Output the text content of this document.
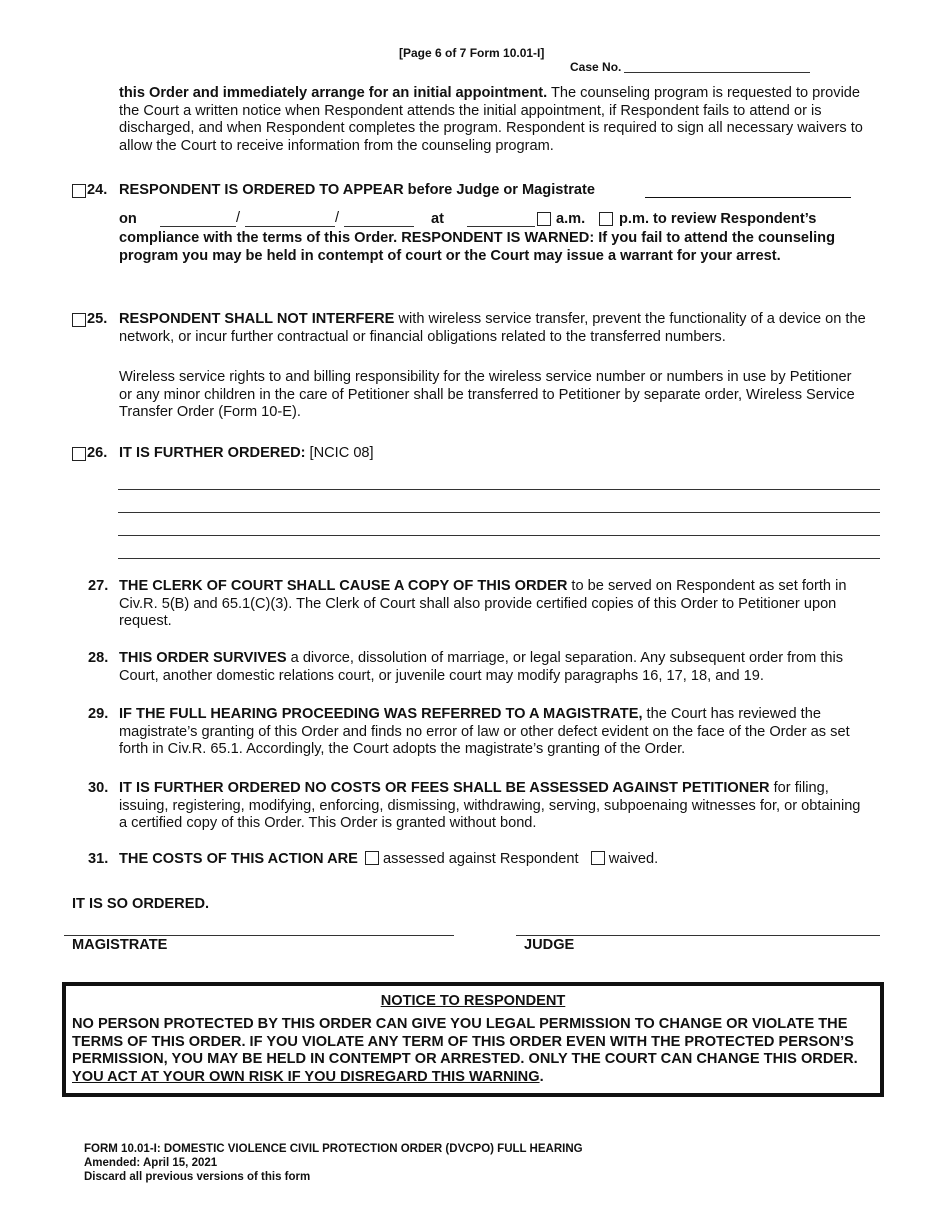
[Page 6 of 7 Form 10.01-I]
Case No.
this Order and immediately arrange for an initial appointment. The counseling program is requested to provide the Court a written notice when Respondent attends the initial appointment, if Respondent fails to attend or is discharged, and when Respondent completes the program. Respondent is required to sign all necessary waivers to allow the Court to receive information from the counseling program.
24. RESPONDENT IS ORDERED TO APPEAR before Judge or Magistrate
on	/	/	at	a.m. p.m. to review Respondent’s
compliance with the terms of this Order. RESPONDENT IS WARNED: If you fail to attend the counseling program you may be held in contempt of court or the Court may issue a warrant for your arrest.
25. RESPONDENT SHALL NOT INTERFERE with wireless service transfer, prevent the functionality of a device on the network, or incur further contractual or financial obligations related to the transferred numbers.
Wireless service rights to and billing responsibility for the wireless service number or numbers in use by Petitioner or any minor children in the care of Petitioner shall be transferred to Petitioner by separate order, Wireless Service Transfer Order (Form 10-E).
26. IT IS FURTHER ORDERED: [NCIC 08]
27. THE CLERK OF COURT SHALL CAUSE A COPY OF THIS ORDER to be served on Respondent as set forth in Civ.R. 5(B) and 65.1(C)(3). The Clerk of Court shall also provide certified copies of this Order to Petitioner upon request.
28. THIS ORDER SURVIVES a divorce, dissolution of marriage, or legal separation. Any subsequent order from this Court, another domestic relations court, or juvenile court may modify paragraphs 16, 17, 18, and 19.
29. IF THE FULL HEARING PROCEEDING WAS REFERRED TO A MAGISTRATE, the Court has reviewed the magistrate’s granting of this Order and finds no error of law or other defect evident on the face of the Order as set forth in Civ.R. 65.1. Accordingly, the Court adopts the magistrate’s granting of the Order.
30. IT IS FURTHER ORDERED NO COSTS OR FEES SHALL BE ASSESSED AGAINST PETITIONER for filing, issuing, registering, modifying, enforcing, dismissing, withdrawing, serving, subpoenaing witnesses for, or obtaining a certified copy of this Order. This Order is granted without bond.
31. THE COSTS OF THIS ACTION ARE assessed against Respondent waived.
IT IS SO ORDERED.
MAGISTRATE	JUDGE
NOTICE TO RESPONDENT
NO PERSON PROTECTED BY THIS ORDER CAN GIVE YOU LEGAL PERMISSION TO CHANGE OR VIOLATE THE TERMS OF THIS ORDER. IF YOU VIOLATE ANY TERM OF THIS ORDER EVEN WITH THE PROTECTED PERSON’S PERMISSION, YOU MAY BE HELD IN CONTEMPT OR ARRESTED. ONLY THE COURT CAN CHANGE THIS ORDER. YOU ACT AT YOUR OWN RISK IF YOU DISREGARD THIS WARNING.
FORM 10.01-I: DOMESTIC VIOLENCE CIVIL PROTECTION ORDER (DVCPO) FULL HEARING
Amended: April 15, 2021
Discard all previous versions of this form
